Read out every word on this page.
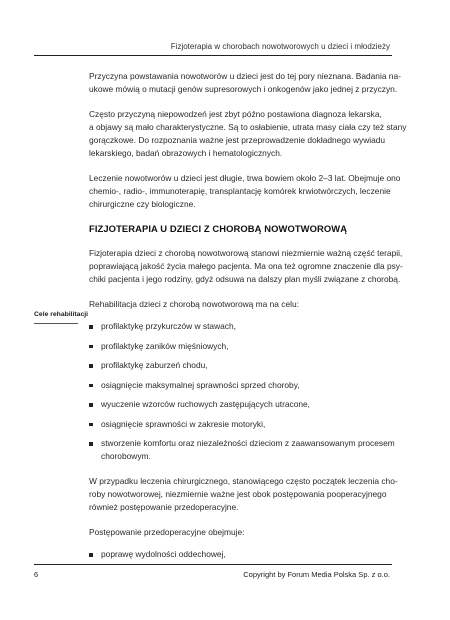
Fizjoterapia w chorobach nowotworowych u dzieci i młodzieży
Cele rehabilitacji

Przyczyna powstawania nowotworów u dzieci jest do tej pory nieznana. Badania na-
ukowe mówią o mutacji genów supresorowych i onkogenów jako jednej z przyczyn.

Często przyczyną niepowodzeń jest zbyt późno postawiona diagnoza lekarska,
a objawy są mało charakterystyczne. Są to osłabienie, utrata masy ciała czy też stany
gorączkowe. Do rozpoznania ważne jest przeprowadzenie dokładnego wywiadu
lekarskiego, badań obrazowych i hematologicznych.

Leczenie nowotworów u dzieci jest długie, trwa bowiem około 2–3 lat. Obejmuje ono
chemio-, radio-, immunoterapię, transplantację komórek krwiotwórczych, leczenie
chirurgiczne czy biologiczne.

FIZJOTERAPIA U DZIECI Z CHOROBĄ NOWOTWOROWĄ

Fizjoterapia dzieci z chorobą nowotworową stanowi niezmiernie ważną część terapii,
poprawiającą jakość życia małego pacjenta. Ma ona też ogromne znaczenie dla psy-
chiki pacjenta i jego rodziny, gdyż odsuwa na dalszy plan myśli związane z chorobą.

Rehabilitacja dzieci z chorobą nowotworową ma na celu:

profilaktykę przykurczów w stawach,
profilaktykę zaników mięśniowych,
profilaktykę zaburzeń chodu,
osiągnięcie maksymalnej sprawności sprzed choroby,
wyuczenie wzorców ruchowych zastępujących utracone,
osiągnięcie sprawności w zakresie motoryki,
stworzenie komfortu oraz niezależności dzieciom z zaawansowanym procesem
chorobowym.

W przypadku leczenia chirurgicznego, stanowiącego często początek leczenia cho-
roby nowotworowej, niezmiernie ważne jest obok postępowania pooperacyjnego
również postępowanie przedoperacyjne.

Postępowanie przedoperacyjne obejmuje:

poprawę wydolności oddechowej,
6	Copyright by Forum Media Polska Sp. z o.o.
